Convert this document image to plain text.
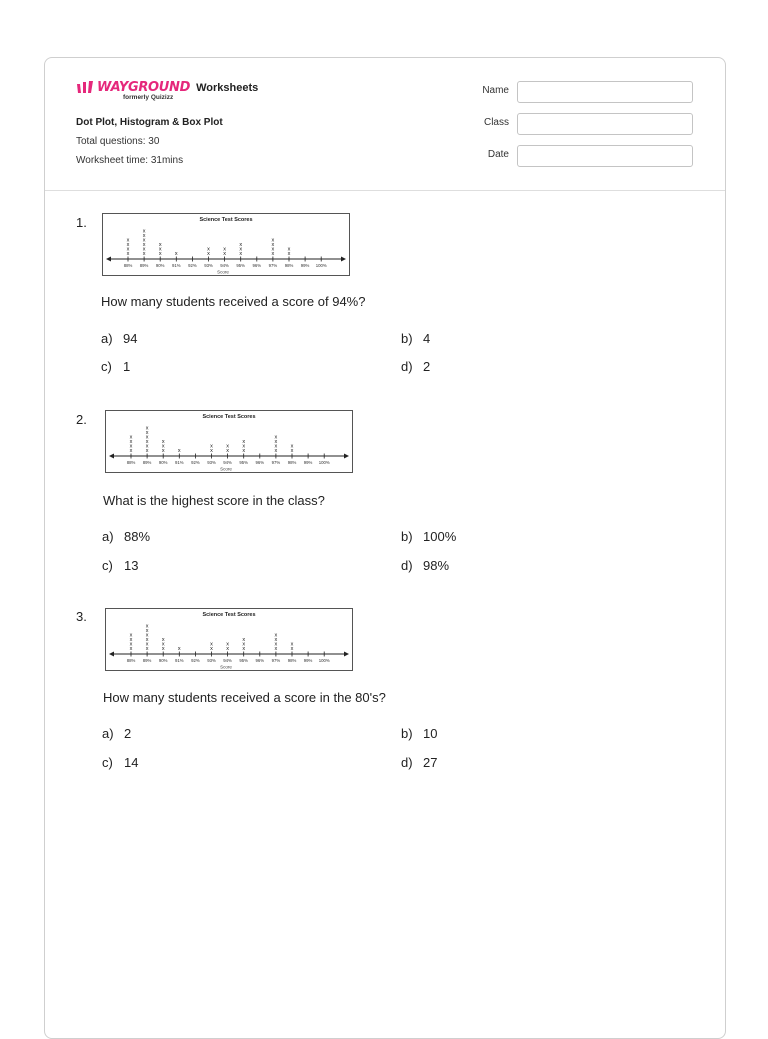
WAYGROUND Worksheets
formerly Quizizz
Dot Plot, Histogram & Box Plot
Total questions: 30
Worksheet time: 31mins
Name
Class
Date
1.	Science Test Scores
88%
x
x
x
x
89%
x
x
x
x
x
x
90%
x
x
x
91%
x
92% 93%
x
x
94%
x
x
95%
x
x
x
96% 97%
x
x
x
x
98%
x
x
99% 100%
Score
How many students received a score of 94%?
a) 94	b) 4
c) 1	d) 2
2.	Science Test Scores
88%
x
x
x
x
89%
x
x
x
x
x
x
90%
x
x
x
91%
x
92% 93%
x
x
94%
x
x
95%
x
x
x
96% 97%
x
x
x
x
98%
x
x
99% 100%
Score
What is the highest score in the class?
a) 88%	b) 100%
c) 13	d) 98%
3.	Science Test Scores
88%
x
x
x
x
89%
x
x
x
x
x
x
90%
x
x
x
91%
x
92% 93%
x
x
94%
x
x
95%
x
x
x
96% 97%
x
x
x
x
98%
x
x
99% 100%
Score
How many students received a score in the 80's?
a) 2	b) 10
c) 14	d) 27
